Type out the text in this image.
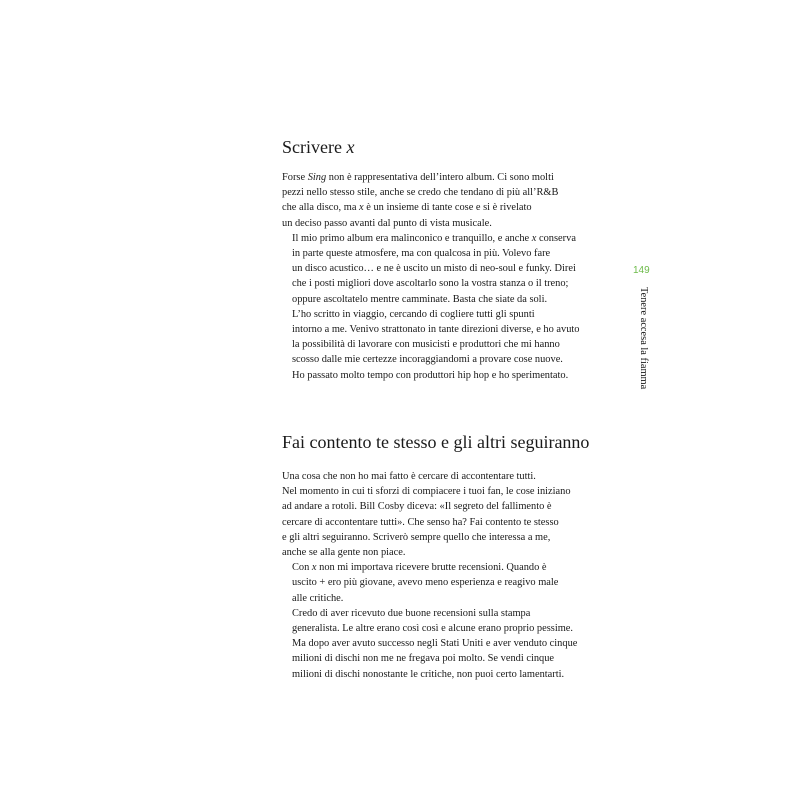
Scrivere x

Forse Sing non è rappresentativa dell’intero album. Ci sono molti
pezzi nello stesso stile, anche se credo che tendano di più all’R&B
che alla disco, ma x è un insieme di tante cose e si è rivelato
un deciso passo avanti dal punto di vista musicale.

Il mio primo album era malinconico e tranquillo, e anche x conserva
in parte queste atmosfere, ma con qualcosa in più. Volevo fare
un disco acustico… e ne è uscito un misto di neo-soul e funky. Direi
che i posti migliori dove ascoltarlo sono la vostra stanza o il treno;
oppure ascoltatelo mentre camminate. Basta che siate da soli.

L’ho scritto in viaggio, cercando di cogliere tutti gli spunti
intorno a me. Venivo strattonato in tante direzioni diverse, e ho avuto
la possibilità di lavorare con musicisti e produttori che mi hanno
scosso dalle mie certezze incoraggiandomi a provare cose nuove.
Ho passato molto tempo con produttori hip hop e ho sperimentato.

Fai contento te stesso e gli altri seguiranno

Una cosa che non ho mai fatto è cercare di accontentare tutti.
Nel momento in cui ti sforzi di compiacere i tuoi fan, le cose iniziano
ad andare a rotoli. Bill Cosby diceva: «Il segreto del fallimento è
cercare di accontentare tutti». Che senso ha? Fai contento te stesso
e gli altri seguiranno. Scriverò sempre quello che interessa a me,
anche se alla gente non piace.

Con x non mi importava ricevere brutte recensioni. Quando è
uscito + ero più giovane, avevo meno esperienza e reagivo male
alle critiche.

Credo di aver ricevuto due buone recensioni sulla stampa
generalista. Le altre erano così così e alcune erano proprio pessime.
Ma dopo aver avuto successo negli Stati Uniti e aver venduto cinque
milioni di dischi non me ne fregava poi molto. Se vendi cinque
milioni di dischi nonostante le critiche, non puoi certo lamentarti.

149
Tenere accesa la fiamma
